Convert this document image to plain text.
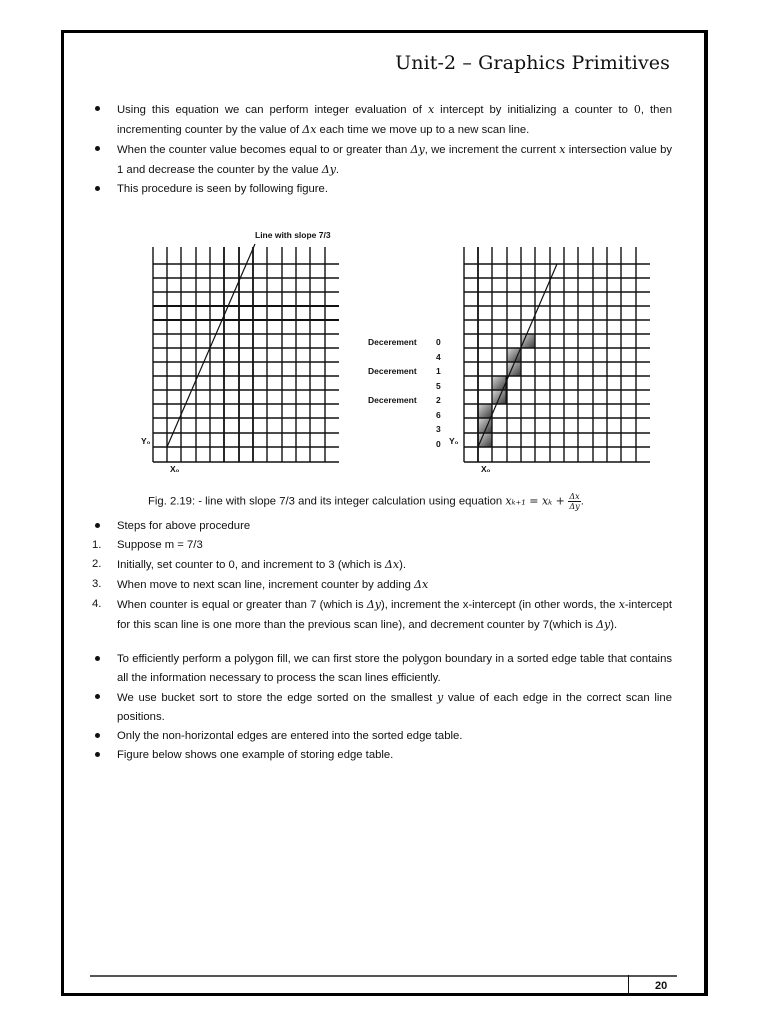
Unit-2 – Graphics Primitives
Using this equation we can perform integer evaluation of x intercept by initializing a counter to 0, then incrementing counter by the value of Δx each time we move up to a new scan line.
When the counter value becomes equal to or greater than Δy, we increment the current x intersection value by 1 and decrease the counter by the value Δy.
This procedure is seen by following figure.
Line with slope 7/3
Y₀
X₀
Y₀
X₀
Decerement 0
4
Decerement 1
5
Decerement 2
6
3
0
Fig. 2.19: - line with slope 7/3 and its integer calculation using equation $x_{k+1} = x_k + \frac{\Delta x}{\Delta y}$ .
Steps for above procedure
1.	Suppose m = 7/3
2.	Initially, set counter to 0, and increment to 3 (which is Δx).
3.	When move to next scan line, increment counter by adding Δx
4.	When counter is equal or greater than 7 (which is Δy), increment the x-intercept (in other words, the x-intercept for this scan line is one more than the previous scan line), and decrement counter by 7(which is Δy).
To efficiently perform a polygon fill, we can first store the polygon boundary in a sorted edge table that contains all the information necessary to process the scan lines efficiently.
We use bucket sort to store the edge sorted on the smallest y value of each edge in the correct scan line positions.
Only the non-horizontal edges are entered into the sorted edge table.
Figure below shows one example of storing edge table.
20
